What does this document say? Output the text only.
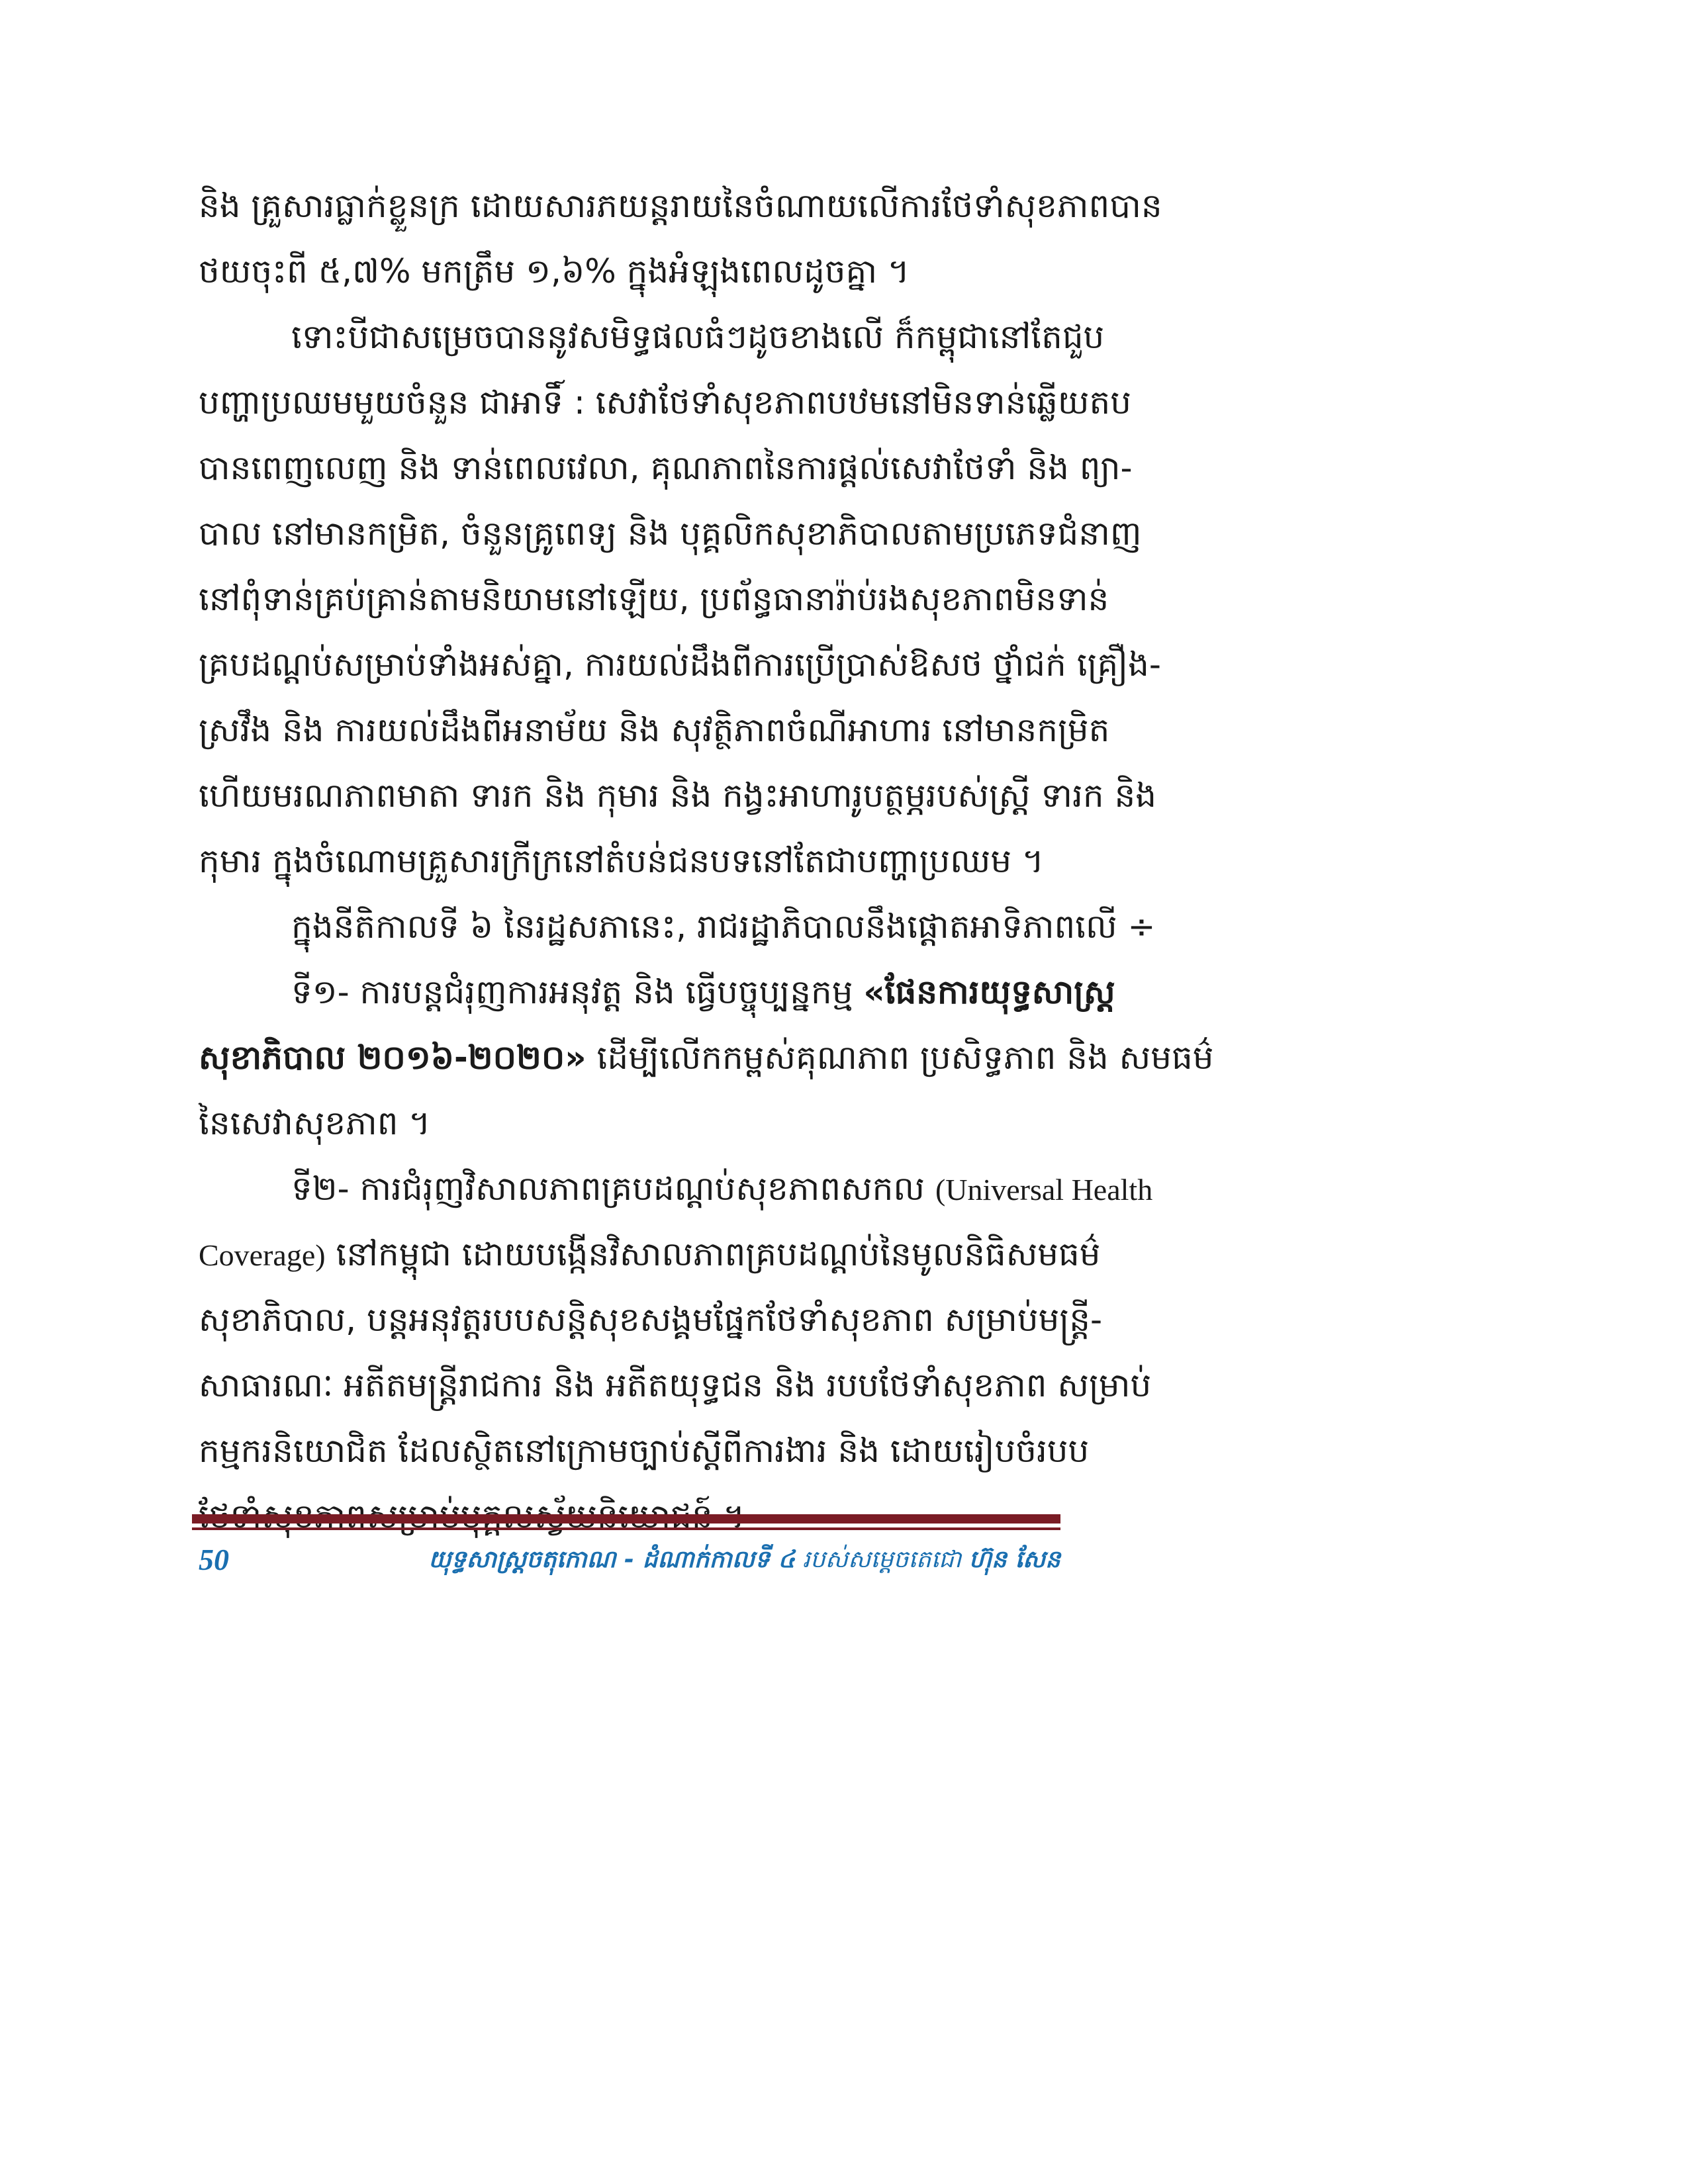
និង គ្រួសារធ្លាក់ខ្លួនក្រ ដោយសារភយន្តរាយនៃចំណាយលើការថែទាំសុខភាពបាន
ថយចុះពី ៥,៧% មកត្រឹម ១,៦% ក្នុងអំឡុងពេលដូចគ្នា ។
ទោះបីជាសម្រេចបាននូវសមិទ្ធផលធំៗដូចខាងលើ ក៏កម្ពុជានៅតែជួប
បញ្ហាប្រឈមមួយចំនួន ជាអាទិ៍ : សេវាថែទាំសុខភាពបឋមនៅមិនទាន់ឆ្លើយតប
បានពេញលេញ និង ទាន់ពេលវេលា, គុណភាពនៃការផ្តល់សេវាថែទាំ និង ព្យា-
បាល នៅមានកម្រិត, ចំនួនគ្រូពេទ្យ និង បុគ្គលិកសុខាភិបាលតាមប្រភេទជំនាញ
នៅពុំទាន់គ្រប់គ្រាន់តាមនិយាមនៅឡើយ, ប្រព័ន្ធធានារ៉ាប់រងសុខភាពមិនទាន់
គ្របដណ្តប់សម្រាប់ទាំងអស់គ្នា, ការយល់ដឹងពីការប្រើប្រាស់ឱសថ ថ្នាំជក់ គ្រឿង-
ស្រវឹង និង ការយល់ដឹងពីអនាម័យ និង សុវត្ថិភាពចំណីអាហារ នៅមានកម្រិត
ហើយមរណភាពមាតា ទារក និង កុមារ និង កង្វះអាហារូបត្ថម្ភរបស់ស្ត្រី ទារក និង
កុមារ ក្នុងចំណោមគ្រួសារក្រីក្រនៅតំបន់ជនបទនៅតែជាបញ្ហាប្រឈម ។
ក្នុងនីតិកាលទី ៦ នៃរដ្ឋសភានេះ, រាជរដ្ឋាភិបាលនឹងផ្តោតអាទិភាពលើ ÷
ទី១- ការបន្តជំរុញការអនុវត្ត និង ធ្វើបច្ចុប្បន្នកម្ម «ផែនការយុទ្ធសាស្ត្រ
សុខាភិបាល ២០១៦-២០២០» ដើម្បីលើកកម្ពស់គុណភាព ប្រសិទ្ធភាព និង សមធម៌
នៃសេវាសុខភាព ។
ទី២- ការជំរុញវិសាលភាពគ្របដណ្តប់សុខភាពសកល (Universal Health
Coverage) នៅកម្ពុជា ដោយបង្កើនវិសាលភាពគ្របដណ្តប់នៃមូលនិធិសមធម៌
សុខាភិបាល, បន្តអនុវត្តរបបសន្តិសុខសង្គមផ្នែកថែទាំសុខភាព សម្រាប់មន្ត្រី-
សាធារណៈ អតីតមន្ត្រីរាជការ និង អតីតយុទ្ធជន និង របបថែទាំសុខភាព សម្រាប់
កម្មករនិយោជិត ដែលស្ថិតនៅក្រោមច្បាប់ស្តីពីការងារ និង ដោយរៀបចំរបប
50	យុទ្ធសាស្ត្រចតុកោណ - ដំណាក់កាលទី ៤ របស់សម្តេចតេជោ ហ៊ុន សែន
